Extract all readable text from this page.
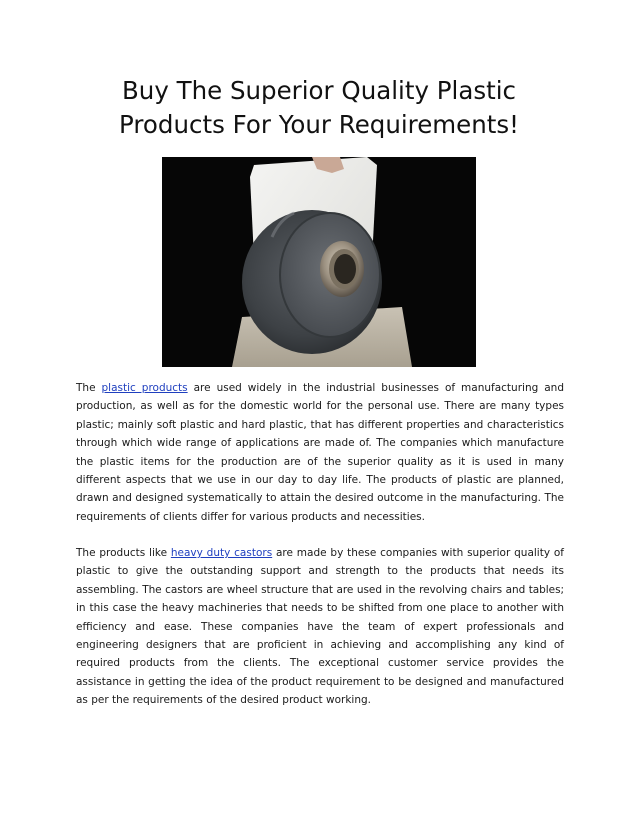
Buy The Superior Quality Plastic
Products For Your Requirements!
The plastic products are used widely in the industrial businesses of manufacturing and
production, as well as for the domestic world for the personal use. There are many types
plastic; mainly soft plastic and hard plastic, that has different properties and characteristics
through which wide range of applications are made of. The companies which manufacture
the plastic items for the production are of the superior quality as it is used in many
different aspects that we use in our day to day life. The products of plastic are planned,
drawn and designed systematically to attain the desired outcome in the manufacturing. The
requirements of clients differ for various products and necessities.
The products like heavy duty castors are made by these companies with superior quality of
plastic to give the outstanding support and strength to the products that needs its
assembling. The castors are wheel structure that are used in the revolving chairs and tables;
in this case the heavy machineries that needs to be shifted from one place to another with
efficiency and ease. These companies have the team of expert professionals and
engineering designers that are proficient in achieving and accomplishing any kind of
required products from the clients. The exceptional customer service provides the
assistance in getting the idea of the product requirement to be designed and manufactured
as per the requirements of the desired product working.
